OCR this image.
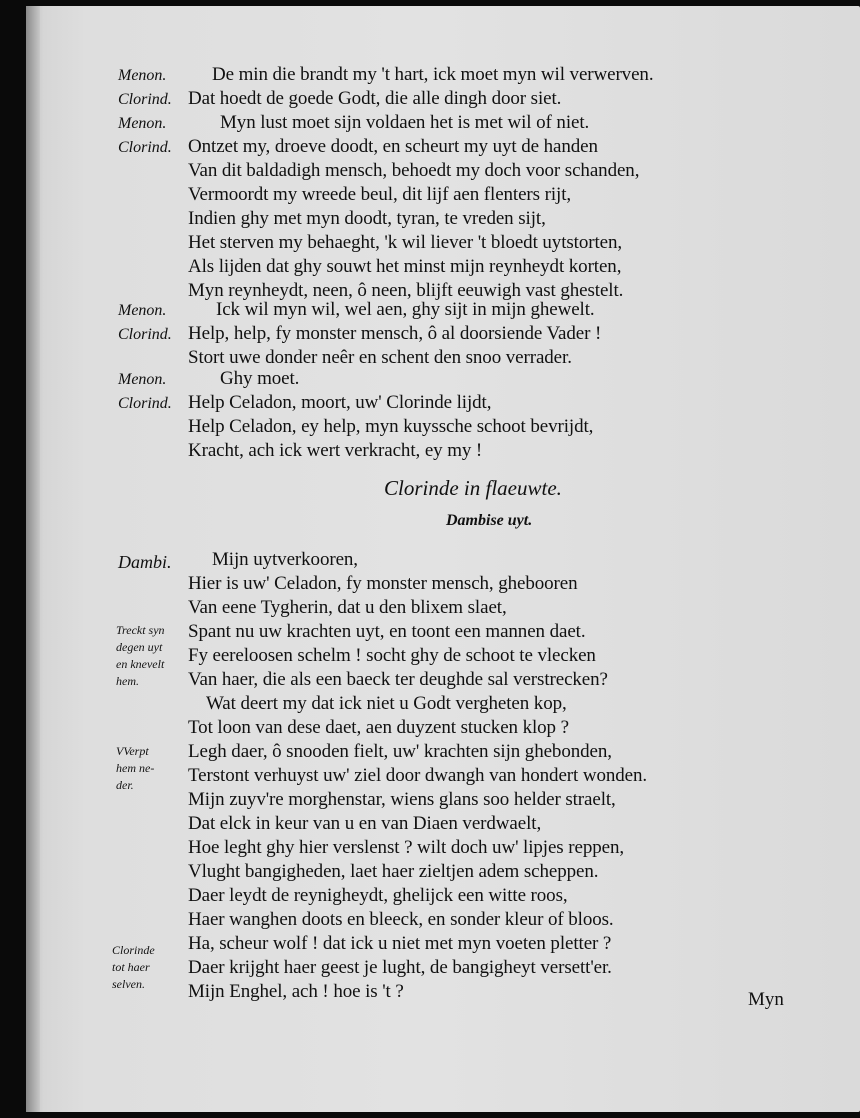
Menon. De min die brandt my 't hart, ick moet myn wil verwerven.
Clorind. Dat hoedt de goede Godt, die alle dingh door siet.
Menon.	Myn lust moet sijn voldaen het is met wil of niet.
Clorind. Ontzet my, droeve doodt, en scheurt my uyt de handen
Van dit baldadigh mensch, behoedt my doch voor schanden,
Vermoordt my wreede beul, dit lijf aen flenters rijt,
Indien ghy met myn doodt, tyran, te vreden sijt,
Het sterven my behaeght, 'k wil liever 't bloedt uytstorten,
Als lijden dat ghy souwt het minst mijn reynheydt korten,
Myn reynheydt, neen, ô neen, blijft eeuwigh vast ghestelt.
Menon.	Ick wil myn wil, wel aen, ghy sijt in mijn ghewelt.
Clorind. Help, help, fy monster mensch, ô al doorsiende Vader !
Stort uwe donder neêr en schent den snoo verrader.
Menon.	Ghy moet.
Clorind. Help Celadon, moort, uw' Clorinde lijdt,
Help Celadon, ey help, myn kuyssche schoot bevrijdt,
Kracht, ach ick wert verkracht, ey my !
Clorinde in flaeuwte.
Dambise uyt.
Dambi. Mijn uytverkooren,
Hier is uw' Celadon, fy monster mensch, ghebooren
Van eene Tygherin, dat u den blixem slaet,
Spant nu uw krachten uyt, en toont een mannen daet.
Fy eereloosen schelm ! socht ghy de schoot te vlecken
Van haer, die als een baeck ter deughde sal verstrecken?
Wat deert my dat ick niet u Godt vergheten kop,
Tot loon van dese daet, aen duyzent stucken klop ?
Legh daer, ô snooden fielt, uw' krachten sijn ghebonden,
Terstont verhuyst uw' ziel door dwangh van hondert wonden.
Mijn zuyv're morghenstar, wiens glans soo helder straelt,
Dat elck in keur van u en van Diaen verdwaelt,
Hoe leght ghy hier verslenst ? wilt doch uw' lipjes reppen,
Vlught bangigheden, laet haer zieltjen adem scheppen.
Daer leydt de reynigheydt, ghelijck een witte roos,
Haer wanghen doots en bleeck, en sonder kleur of bloos.
Ha, scheur wolf ! dat ick u niet met myn voeten pletter ?
Daer krijght haer geest je lught, de bangigheyt versett'er.
Mijn Enghel, ach ! hoe is 't ?
Treckt syn
degen uyt
en knevelt
hem.
VVerpt
hem ne-
der.
Clorinde
tot haer
selven.
Myn
